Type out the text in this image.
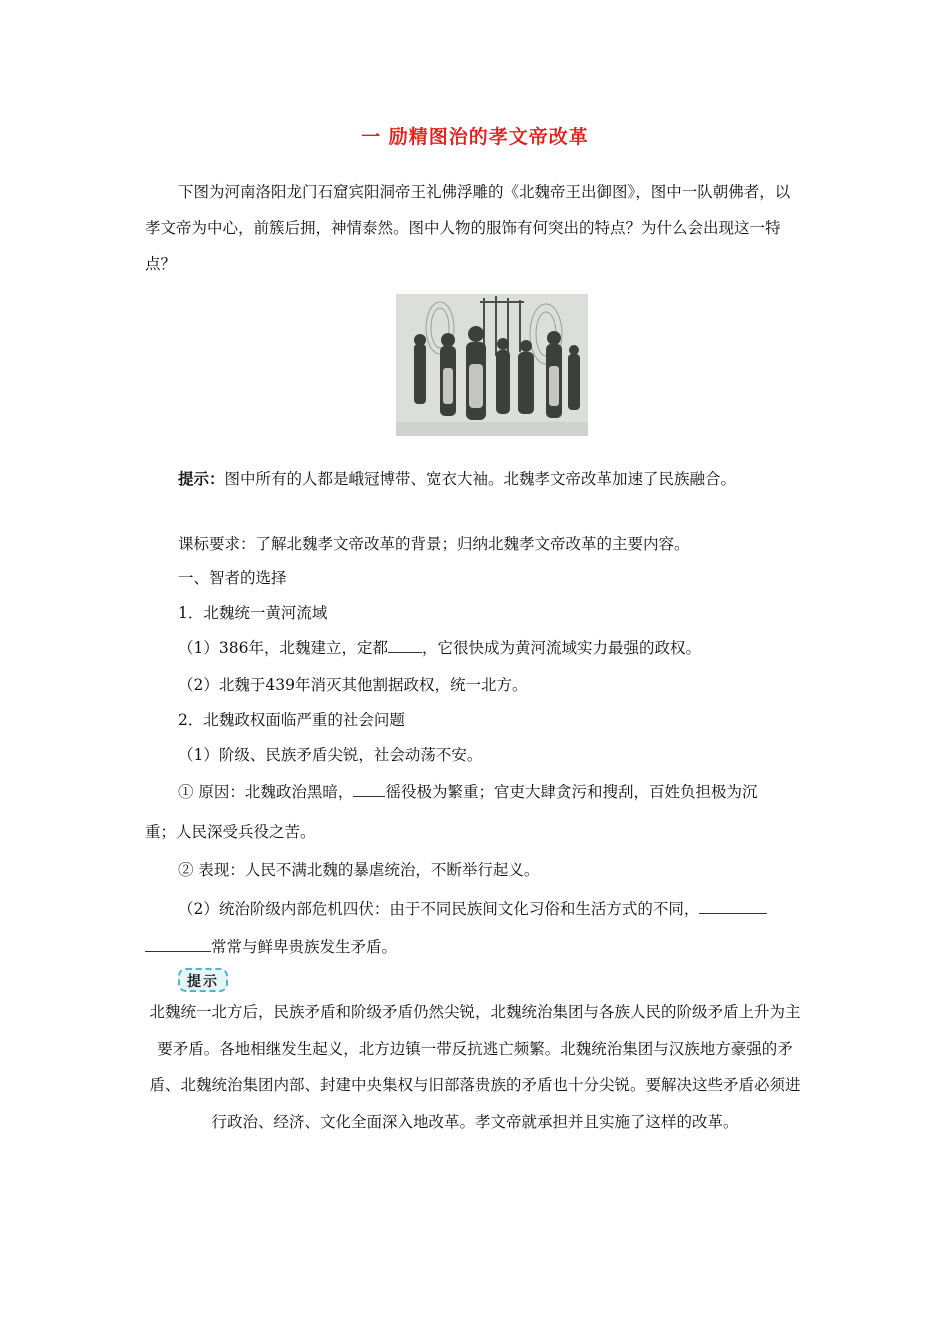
一 励精图治的孝文帝改革
下图为河南洛阳龙门石窟宾阳洞帝王礼佛浮雕的《北魏帝王出御图》，图中一队朝佛者，以孝文帝为中心，前簇后拥，神情泰然。图中人物的服饰有何突出的特点？为什么会出现这一特点？
提示：图中所有的人都是峨冠博带、宽衣大袖。北魏孝文帝改革加速了民族融合。
课标要求：了解北魏孝文帝改革的背景；归纳北魏孝文帝改革的主要内容。
一、智者的选择
1．北魏统一黄河流域
（1）386年，北魏建立，定都 ，它很快成为黄河流域实力最强的政权。
（2）北魏于439年消灭其他割据政权，统一北方。
2．北魏政权面临严重的社会问题
（1）阶级、民族矛盾尖锐，社会动荡不安。
① 原因：北魏政治黑暗， 徭役极为繁重；官吏大肆贪污和搜刮，百姓负担极为沉
重；人民深受兵役之苦。
② 表现：人民不满北魏的暴虐统治，不断举行起义。
（2）统治阶级内部危机四伏：由于不同民族间文化习俗和生活方式的不同，
常常与鲜卑贵族发生矛盾。
提示
北魏统一北方后，民族矛盾和阶级矛盾仍然尖锐，北魏统治集团与各族人民的阶级矛盾上升为主要矛盾。各地相继发生起义，北方边镇一带反抗逃亡频繁。北魏统治集团与汉族地方豪强的矛盾、北魏统治集团内部、封建中央集权与旧部落贵族的矛盾也十分尖锐。要解决这些矛盾必须进行政治、经济、文化全面深入地改革。孝文帝就承担并且实施了这样的改革。
